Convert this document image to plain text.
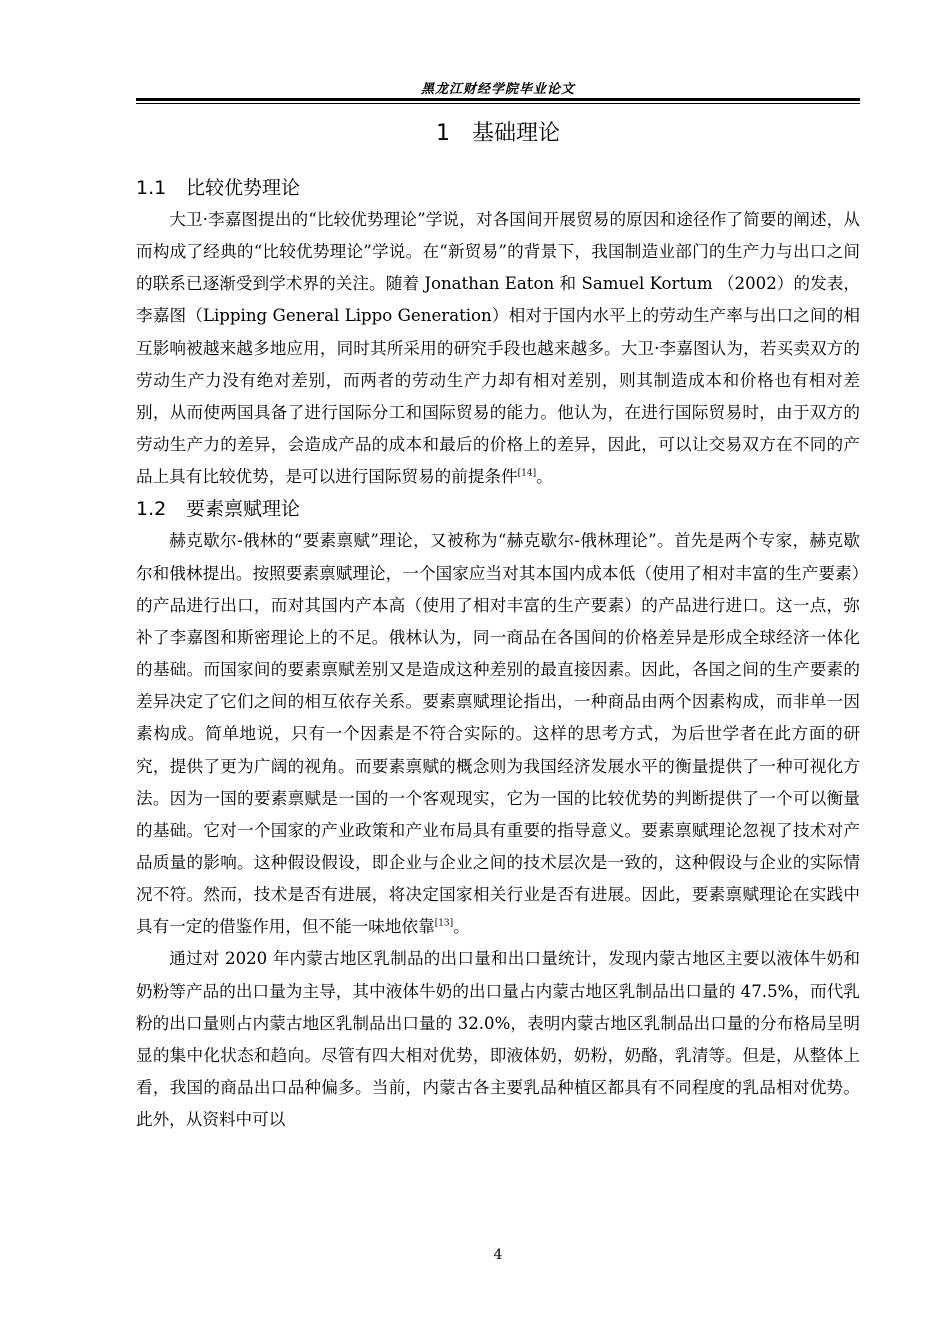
黑龙江财经学院毕业论文
1 基础理论
1.1 比较优势理论

大卫·李嘉图提出的“比较优势理论”学说，对各国间开展贸易的原因和途径作了简要的阐述，从而构成了经典的“比较优势理论”学说。在“新贸易”的背景下，我国制造业部门的生产力与出口之间的联系已逐渐受到学术界的关注。随着 Jonathan Eaton 和 Samuel Kortum （2002）的发表，李嘉图（Lipping General Lippo Generation）相对于国内水平上的劳动生产率与出口之间的相互影响被越来越多地应用，同时其所采用的研究手段也越来越多。大卫·李嘉图认为，若买卖双方的劳动生产力没有绝对差别，而两者的劳动生产力却有相对差别，则其制造成本和价格也有相对差别，从而使两国具备了进行国际分工和国际贸易的能力。他认为，在进行国际贸易时，由于双方的劳动生产力的差异，会造成产品的成本和最后的价格上的差异，因此，可以让交易双方在不同的产品上具有比较优势，是可以进行国际贸易的前提条件[14]。

1.2 要素禀赋理论

赫克歇尔-俄林的“要素禀赋”理论，又被称为“赫克歇尔-俄林理论”。首先是两个专家，赫克歇尔和俄林提出。按照要素禀赋理论，一个国家应当对其本国内成本低（使用了相对丰富的生产要素）的产品进行出口，而对其国内产本高（使用了相对丰富的生产要素）的产品进行进口。这一点，弥补了李嘉图和斯密理论上的不足。俄林认为，同一商品在各国间的价格差异是形成全球经济一体化的基础。而国家间的要素禀赋差别又是造成这种差别的最直接因素。因此，各国之间的生产要素的差异决定了它们之间的相互依存关系。要素禀赋理论指出，一种商品由两个因素构成，而非单一因素构成。简单地说，只有一个因素是不符合实际的。这样的思考方式，为后世学者在此方面的研究，提供了更为广阔的视角。而要素禀赋的概念则为我国经济发展水平的衡量提供了一种可视化方法。因为一国的要素禀赋是一国的一个客观现实，它为一国的比较优势的判断提供了一个可以衡量的基础。它对一个国家的产业政策和产业布局具有重要的指导意义。要素禀赋理论忽视了技术对产品质量的影响。这种假设假设，即企业与企业之间的技术层次是一致的，这种假设与企业的实际情况不符。然而，技术是否有进展，将决定国家相关行业是否有进展。因此，要素禀赋理论在实践中具有一定的借鉴作用，但不能一味地依靠[13]。

通过对 2020 年内蒙古地区乳制品的出口量和出口量统计，发现内蒙古地区主要以液体牛奶和奶粉等产品的出口量为主导，其中液体牛奶的出口量占内蒙古地区乳制品出口量的 47.5%，而代乳粉的出口量则占内蒙古地区乳制品出口量的 32.0%，表明内蒙古地区乳制品出口量的分布格局呈明显的集中化状态和趋向。尽管有四大相对优势，即液体奶，奶粉，奶酪，乳清等。但是，从整体上看，我国的商品出口品种偏多。当前，内蒙古各主要乳品种植区都具有不同程度的乳品相对优势。此外，从资料中可以

4
